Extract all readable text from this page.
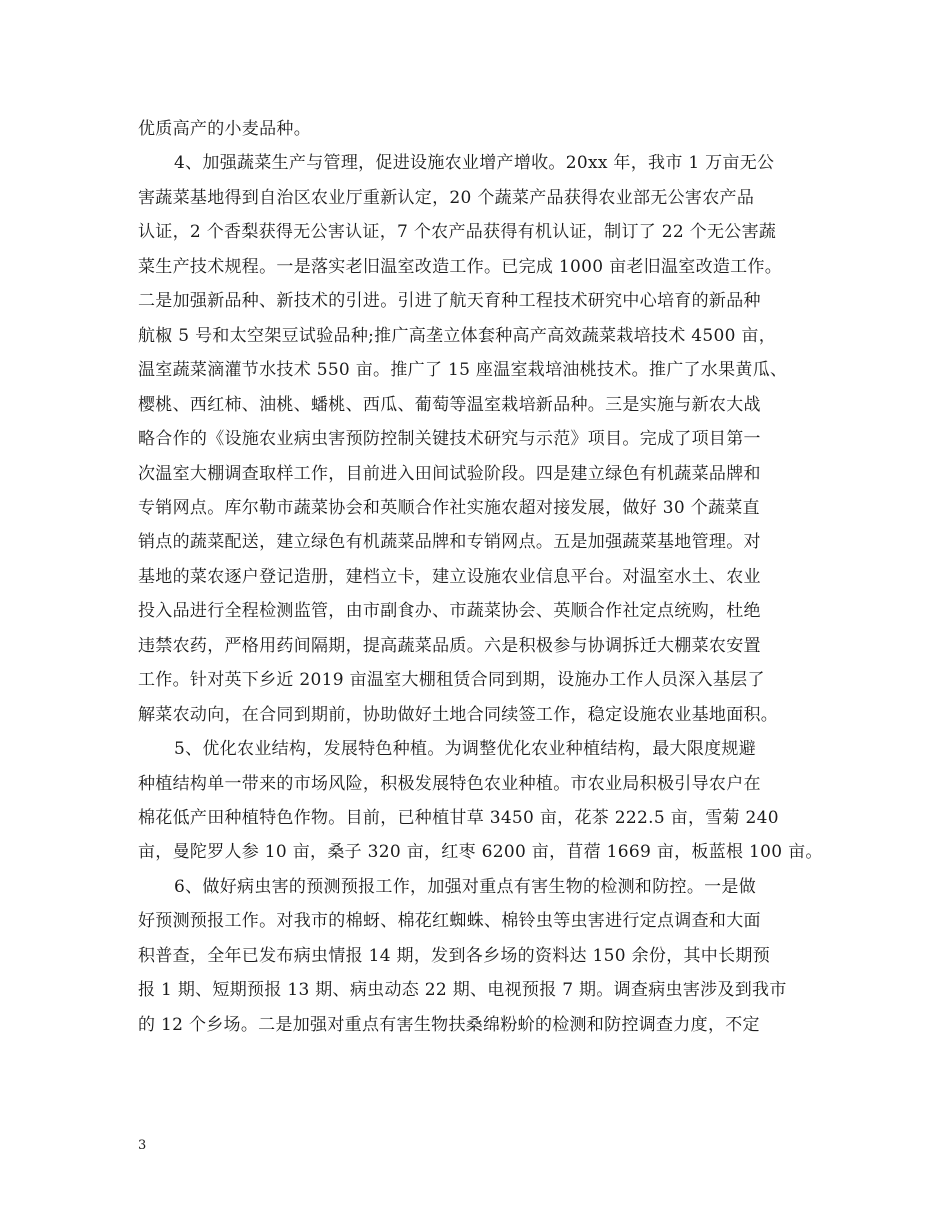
优质高产的小麦品种。
4、加强蔬菜生产与管理，促进设施农业增产增收。20xx 年，我市 1 万亩无公
害蔬菜基地得到自治区农业厅重新认定，20 个蔬菜产品获得农业部无公害农产品
认证，2 个香梨获得无公害认证，7 个农产品获得有机认证，制订了 22 个无公害蔬
菜生产技术规程。一是落实老旧温室改造工作。已完成 1000 亩老旧温室改造工作。
二是加强新品种、新技术的引进。引进了航天育种工程技术研究中心培育的新品种
航椒 5 号和太空架豆试验品种;推广高垄立体套种高产高效蔬菜栽培技术 4500 亩，
温室蔬菜滴灌节水技术 550 亩。推广了 15 座温室栽培油桃技术。推广了水果黄瓜、
樱桃、西红柿、油桃、蟠桃、西瓜、葡萄等温室栽培新品种。三是实施与新农大战
略合作的《设施农业病虫害预防控制关键技术研究与示范》项目。完成了项目第一
次温室大棚调查取样工作，目前进入田间试验阶段。四是建立绿色有机蔬菜品牌和
专销网点。库尔勒市蔬菜协会和英顺合作社实施农超对接发展，做好 30 个蔬菜直
销点的蔬菜配送，建立绿色有机蔬菜品牌和专销网点。五是加强蔬菜基地管理。对
基地的菜农逐户登记造册，建档立卡，建立设施农业信息平台。对温室水土、农业
投入品进行全程检测监管，由市副食办、市蔬菜协会、英顺合作社定点统购，杜绝
违禁农药，严格用药间隔期，提高蔬菜品质。六是积极参与协调拆迁大棚菜农安置
工作。针对英下乡近 2019 亩温室大棚租赁合同到期，设施办工作人员深入基层了
解菜农动向，在合同到期前，协助做好土地合同续签工作，稳定设施农业基地面积。
5、优化农业结构，发展特色种植。为调整优化农业种植结构，最大限度规避
种植结构单一带来的市场风险，积极发展特色农业种植。市农业局积极引导农户在
棉花低产田种植特色作物。目前，已种植甘草 3450 亩，花茶 222.5 亩，雪菊 240
亩，曼陀罗人参 10 亩，桑子 320 亩，红枣 6200 亩，苜蓿 1669 亩，板蓝根 100 亩。
6、做好病虫害的预测预报工作，加强对重点有害生物的检测和防控。一是做
好预测预报工作。对我市的棉蚜、棉花红蜘蛛、棉铃虫等虫害进行定点调查和大面
积普查，全年已发布病虫情报 14 期，发到各乡场的资料达 150 余份，其中长期预
报 1 期、短期预报 13 期、病虫动态 22 期、电视预报 7 期。调查病虫害涉及到我市
的 12 个乡场。二是加强对重点有害生物扶桑绵粉蚧的检测和防控调查力度，不定
3
